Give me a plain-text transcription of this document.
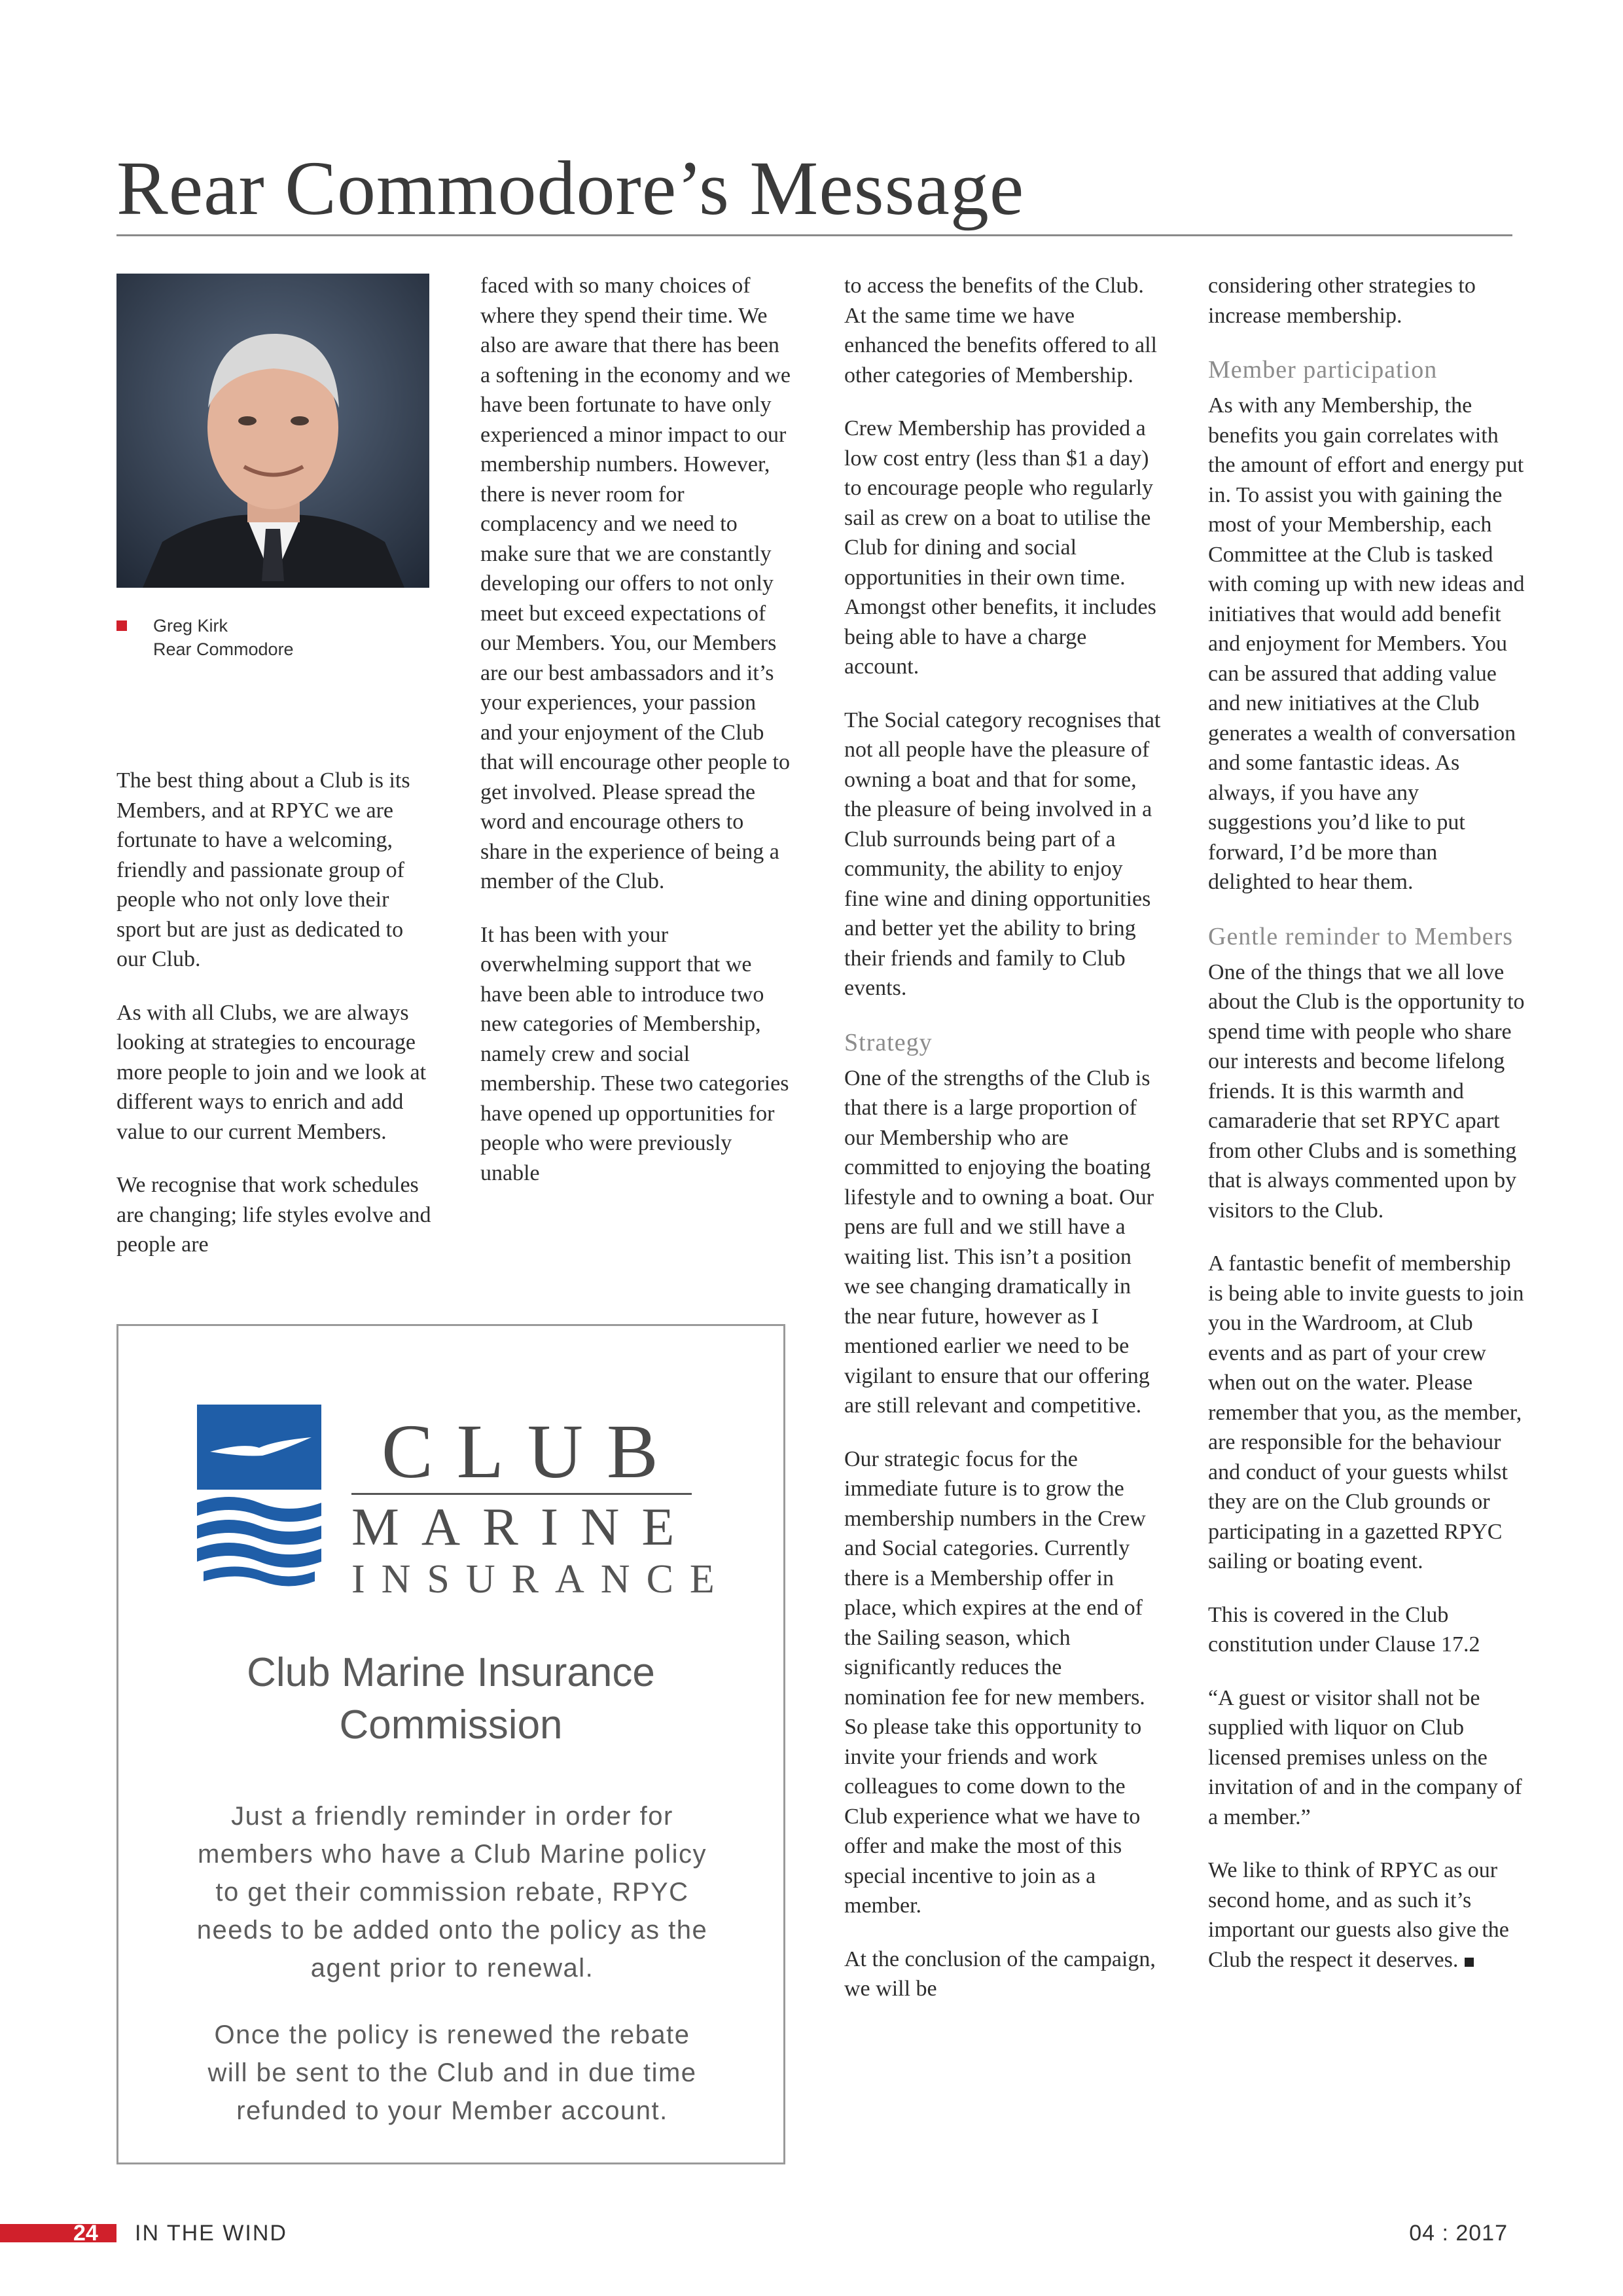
Rear Commodore’s Message
Greg Kirk
Rear Commodore

The best thing about a Club is its Members, and at RPYC we are fortunate to have a welcoming, friendly and passionate group of people who not only love their sport but are just as dedicated to our Club.

As with all Clubs, we are always looking at strategies to encourage more people to join and we look at different ways to enrich and add value to our current Members.

We recognise that work schedules are changing; life styles evolve and people are

faced with so many choices of where they spend their time. We also are aware that there has been a softening in the economy and we have been fortunate to have only experienced a minor impact to our membership numbers. However, there is never room for complacency and we need to make sure that we are constantly developing our offers to not only meet but exceed expectations of our Members. You, our Members are our best ambassadors and it’s your experiences, your passion and your enjoyment of the Club that will encourage other people to get involved. Please spread the word and encourage others to share in the experience of being a member of the Club.

It has been with your overwhelming support that we have been able to introduce two new categories of Membership, namely crew and social membership. These two categories have opened up opportunities for people who were previously unable

to access the benefits of the Club. At the same time we have enhanced the benefits offered to all other categories of Membership.

Crew Membership has provided a low cost entry (less than $1 a day) to encourage people who regularly sail as crew on a boat to utilise the Club for dining and social opportunities in their own time. Amongst other benefits, it includes being able to have a charge account.

The Social category recognises that not all people have the pleasure of owning a boat and that for some, the pleasure of being involved in a Club surrounds being part of a community, the ability to enjoy fine wine and dining opportunities and better yet the ability to bring their friends and family to Club events.

Strategy

One of the strengths of the Club is that there is a large proportion of our Membership who are committed to enjoying the boating lifestyle and to owning a boat. Our pens are full and we still have a waiting list. This isn’t a position we see changing dramatically in the near future, however as I mentioned earlier we need to be vigilant to ensure that our offering are still relevant and competitive.

Our strategic focus for the immediate future is to grow the membership numbers in the Crew and Social categories. Currently there is a Membership offer in place, which expires at the end of the Sailing season, which significantly reduces the nomination fee for new members. So please take this opportunity to invite your friends and work colleagues to come down to the Club experience what we have to offer and make the most of this special incentive to join as a member.

At the conclusion of the campaign, we will be

considering other strategies to increase membership.

Member participation

As with any Membership, the benefits you gain correlates with the amount of effort and energy put in. To assist you with gaining the most of your Membership, each Committee at the Club is tasked with coming up with new ideas and initiatives that would add benefit and enjoyment for Members. You can be assured that adding value and new initiatives at the Club generates a wealth of conversation and some fantastic ideas. As always, if you have any suggestions you’d like to put forward, I’d be more than delighted to hear them.

Gentle reminder to Members

One of the things that we all love about the Club is the opportunity to spend time with people who share our interests and become lifelong friends. It is this warmth and camaraderie that set RPYC apart from other Clubs and is something that is always commented upon by visitors to the Club.

A fantastic benefit of membership is being able to invite guests to join you in the Wardroom, at Club events and as part of your crew when out on the water. Please remember that you, as the member, are responsible for the behaviour and conduct of your guests whilst they are on the Club grounds or participating in a gazetted RPYC sailing or boating event.

This is covered in the Club constitution under Clause 17.2

“A guest or visitor shall not be supplied with liquor on Club licensed premises unless on the invitation of and in the company of a member.”

We like to think of RPYC as our second home, and as such it’s important our guests also give the Club the respect it deserves.

CLUB
MARINE
INSURANCE
Club Marine Insurance Commission

Just a friendly reminder in order for members who have a Club Marine policy to get their commission rebate, RPYC needs to be added onto the policy as the agent prior to renewal.

Once the policy is renewed the rebate will be sent to the Club and in due time refunded to your Member account.

24 IN THE WIND	04 : 2017
